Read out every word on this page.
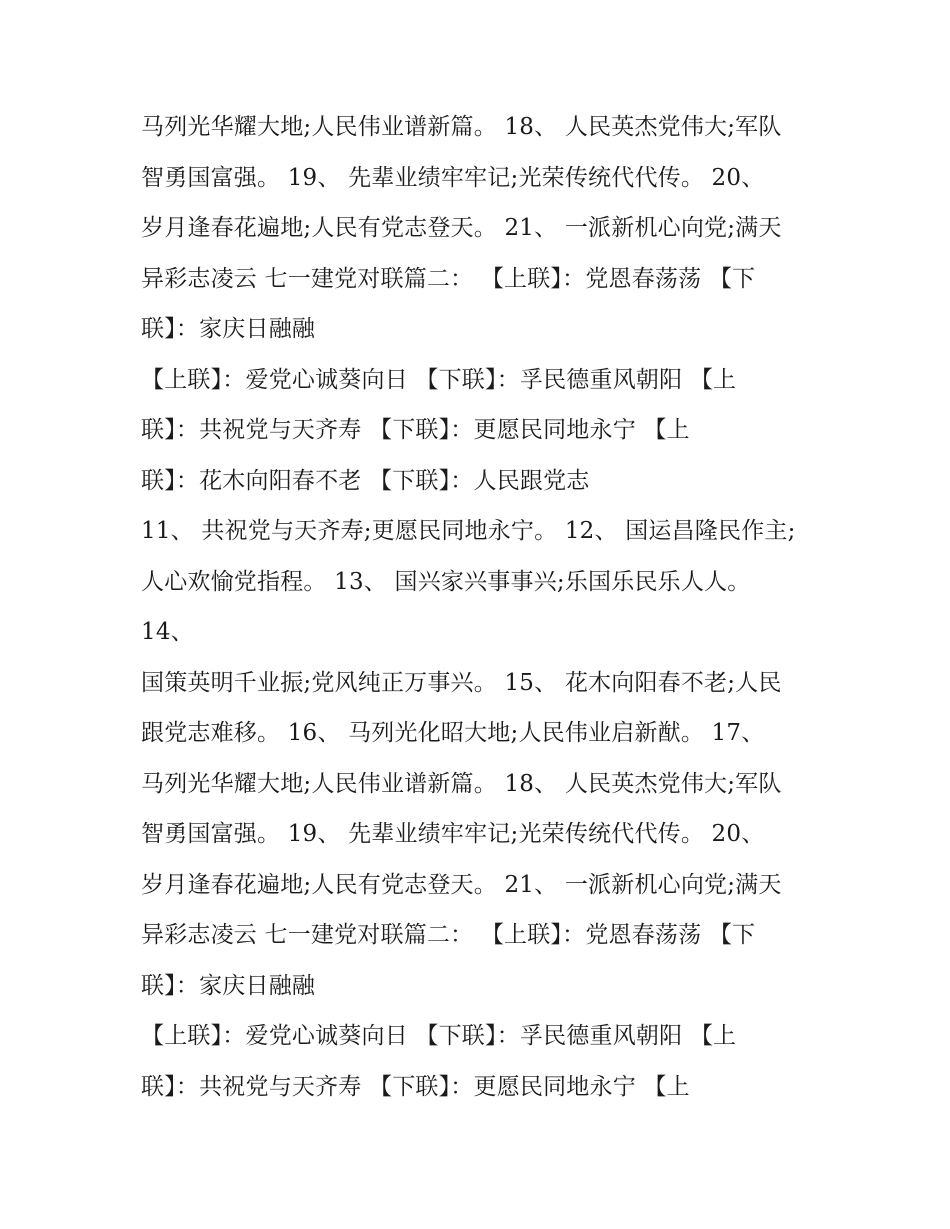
马列光华耀大地;人民伟业谱新篇。 18、 人民英杰党伟大;军队
智勇国富强。 19、 先辈业绩牢牢记;光荣传统代代传。 20、
岁月逢春花遍地;人民有党志登天。 21、 一派新机心向党;满天
异彩志凌云 七一建党对联篇二： 【上联】：党恩春荡荡 【下
联】：家庆日融融
【上联】：爱党心诚葵向日 【下联】：孚民德重风朝阳 【上
联】：共祝党与天齐寿 【下联】：更愿民同地永宁 【上
联】：花木向阳春不老 【下联】：人民跟党志
11、 共祝党与天齐寿;更愿民同地永宁。 12、 国运昌隆民作主;
人心欢愉党指程。 13、 国兴家兴事事兴;乐国乐民乐人人。
14、
国策英明千业振;党风纯正万事兴。 15、 花木向阳春不老;人民
跟党志难移。 16、 马列光化昭大地;人民伟业启新猷。 17、
马列光华耀大地;人民伟业谱新篇。 18、 人民英杰党伟大;军队
智勇国富强。 19、 先辈业绩牢牢记;光荣传统代代传。 20、
岁月逢春花遍地;人民有党志登天。 21、 一派新机心向党;满天
异彩志凌云 七一建党对联篇二： 【上联】：党恩春荡荡 【下
联】：家庆日融融
【上联】：爱党心诚葵向日 【下联】：孚民德重风朝阳 【上
联】：共祝党与天齐寿 【下联】：更愿民同地永宁 【上
